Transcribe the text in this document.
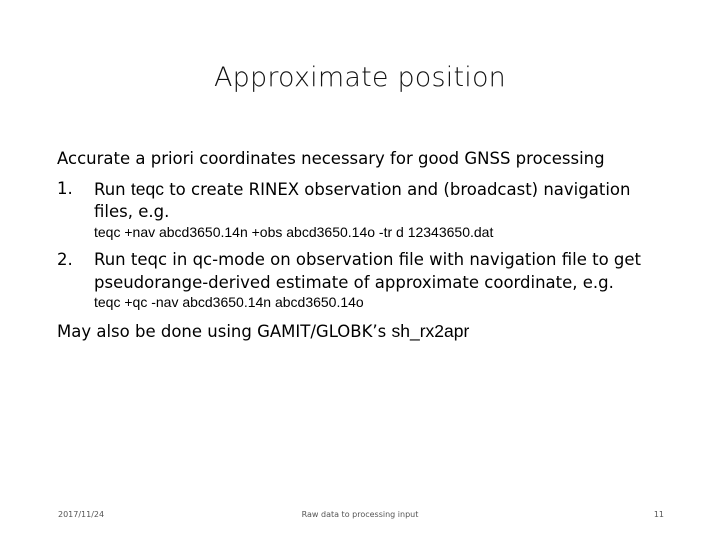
Approximate position
Accurate a priori coordinates necessary for good GNSS processing
1. Run teqc to create RINEX observation and (broadcast) navigation
files, e.g.
teqc +nav abcd3650.14n +obs abcd3650.14o -tr d 12343650.dat
2. Run teqc in qc-mode on observation file with navigation file to get
pseudorange-derived estimate of approximate coordinate, e.g.
teqc +qc -nav abcd3650.14n abcd3650.14o
May also be done using GAMIT/GLOBK’s sh_rx2apr
2017/11/24	Raw data to processing input	11
